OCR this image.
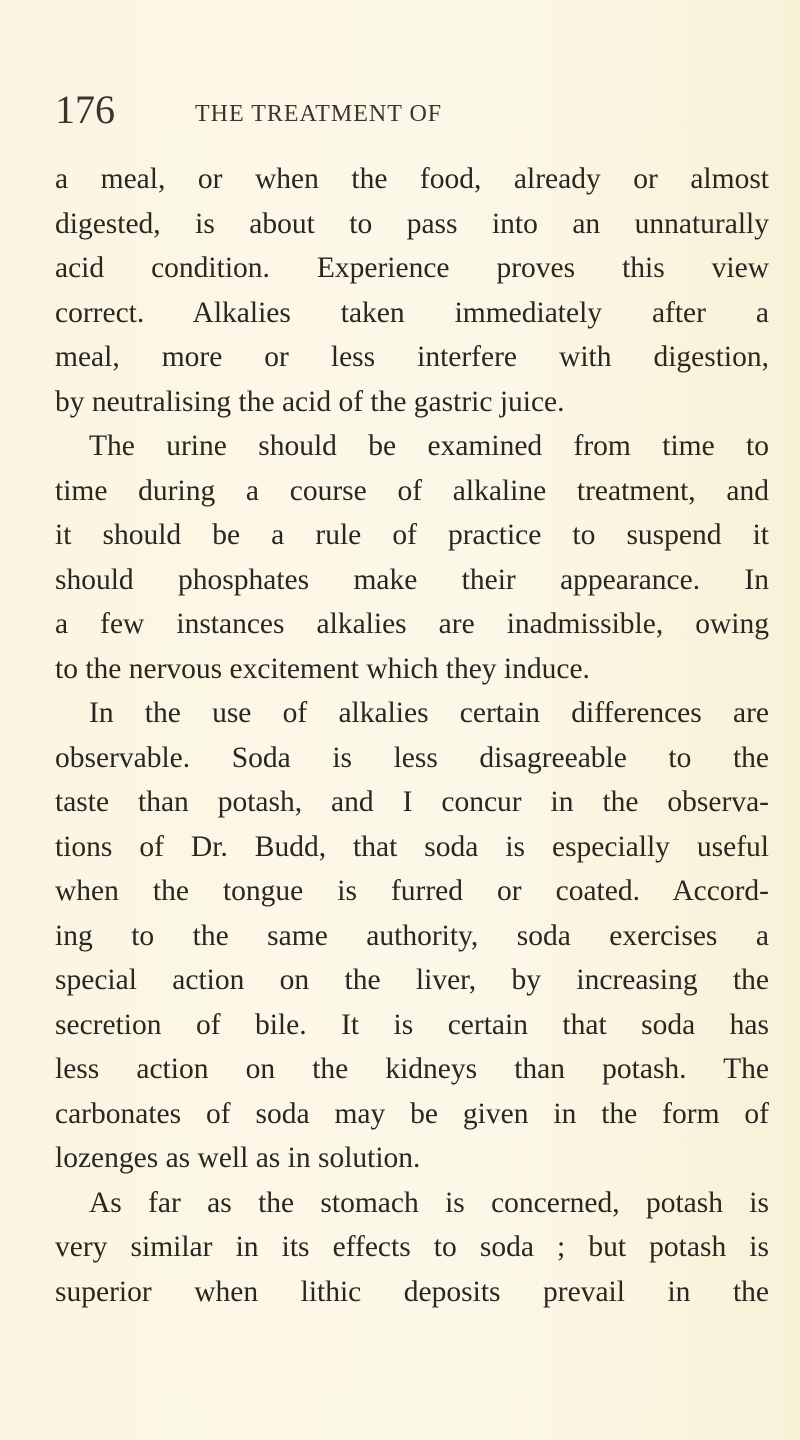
176	THE TREATMENT OF
a meal, or when the food, already or almost
digested, is about to pass into an unnaturally
acid condition. Experience proves this view
correct. Alkalies taken immediately after a
meal, more or less interfere with digestion,
by neutralising the acid of the gastric juice.
The urine should be examined from time to
time during a course of alkaline treatment, and
it should be a rule of practice to suspend it
should phosphates make their appearance. In
a few instances alkalies are inadmissible, owing
to the nervous excitement which they induce.
In the use of alkalies certain differences are
observable. Soda is less disagreeable to the
taste than potash, and I concur in the observa-
tions of Dr. Budd, that soda is especially useful
when the tongue is furred or coated. Accord-
ing to the same authority, soda exercises a
special action on the liver, by increasing the
secretion of bile. It is certain that soda has
less action on the kidneys than potash. The
carbonates of soda may be given in the form of
lozenges as well as in solution.
As far as the stomach is concerned, potash is
very similar in its effects to soda ; but potash is
superior when lithic deposits prevail in the
